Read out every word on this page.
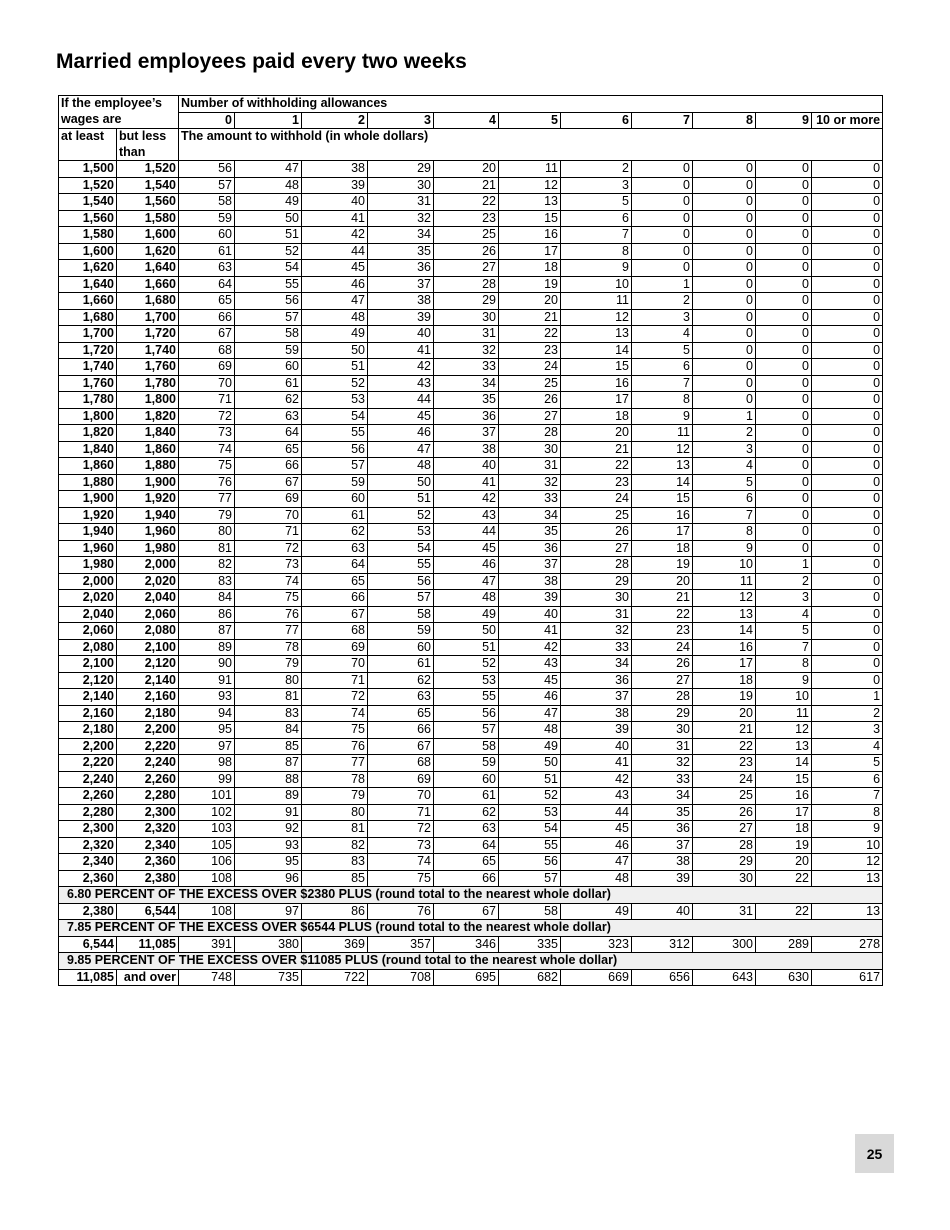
Married employees paid every two weeks
If the employee’s		Number of withholding allowances										
wages are		0	1	2	3	4	5	6	7	8	9	10 or more
at least	but less than	The amount to withhold (in whole dollars)										
1,500	1,520	56	47	38	29	20	11	2	0	0	0	0
1,520	1,540	57	48	39	30	21	12	3	0	0	0	0
1,540	1,560	58	49	40	31	22	13	5	0	0	0	0
1,560	1,580	59	50	41	32	23	15	6	0	0	0	0
1,580	1,600	60	51	42	34	25	16	7	0	0	0	0
1,600	1,620	61	52	44	35	26	17	8	0	0	0	0
1,620	1,640	63	54	45	36	27	18	9	0	0	0	0
1,640	1,660	64	55	46	37	28	19	10	1	0	0	0
1,660	1,680	65	56	47	38	29	20	11	2	0	0	0
1,680	1,700	66	57	48	39	30	21	12	3	0	0	0
1,700	1,720	67	58	49	40	31	22	13	4	0	0	0
1,720	1,740	68	59	50	41	32	23	14	5	0	0	0
1,740	1,760	69	60	51	42	33	24	15	6	0	0	0
1,760	1,780	70	61	52	43	34	25	16	7	0	0	0
1,780	1,800	71	62	53	44	35	26	17	8	0	0	0
1,800	1,820	72	63	54	45	36	27	18	9	1	0	0
1,820	1,840	73	64	55	46	37	28	20	11	2	0	0
1,840	1,860	74	65	56	47	38	30	21	12	3	0	0
1,860	1,880	75	66	57	48	40	31	22	13	4	0	0
1,880	1,900	76	67	59	50	41	32	23	14	5	0	0
1,900	1,920	77	69	60	51	42	33	24	15	6	0	0
1,920	1,940	79	70	61	52	43	34	25	16	7	0	0
1,940	1,960	80	71	62	53	44	35	26	17	8	0	0
1,960	1,980	81	72	63	54	45	36	27	18	9	0	0
1,980	2,000	82	73	64	55	46	37	28	19	10	1	0
2,000	2,020	83	74	65	56	47	38	29	20	11	2	0
2,020	2,040	84	75	66	57	48	39	30	21	12	3	0
2,040	2,060	86	76	67	58	49	40	31	22	13	4	0
2,060	2,080	87	77	68	59	50	41	32	23	14	5	0
2,080	2,100	89	78	69	60	51	42	33	24	16	7	0
2,100	2,120	90	79	70	61	52	43	34	26	17	8	0
2,120	2,140	91	80	71	62	53	45	36	27	18	9	0
2,140	2,160	93	81	72	63	55	46	37	28	19	10	1
2,160	2,180	94	83	74	65	56	47	38	29	20	11	2
2,180	2,200	95	84	75	66	57	48	39	30	21	12	3
2,200	2,220	97	85	76	67	58	49	40	31	22	13	4
2,220	2,240	98	87	77	68	59	50	41	32	23	14	5
2,240	2,260	99	88	78	69	60	51	42	33	24	15	6
2,260	2,280	101	89	79	70	61	52	43	34	25	16	7
2,280	2,300	102	91	80	71	62	53	44	35	26	17	8
2,300	2,320	103	92	81	72	63	54	45	36	27	18	9
2,320	2,340	105	93	82	73	64	55	46	37	28	19	10
2,340	2,360	106	95	83	74	65	56	47	38	29	20	12
2,360	2,380	108	96	85	75	66	57	48	39	30	22	13
6.80 PERCENT OF THE EXCESS OVER $2380 PLUS (round total to the nearest whole dollar)												
2,380	6,544	108	97	86	76	67	58	49	40	31	22	13
7.85 PERCENT OF THE EXCESS OVER $6544 PLUS (round total to the nearest whole dollar)												
6,544	11,085	391	380	369	357	346	335	323	312	300	289	278
9.85 PERCENT OF THE EXCESS OVER $11085 PLUS (round total to the nearest whole dollar)												
11,085	and over	748	735	722	708	695	682	669	656	643	630	617
25
